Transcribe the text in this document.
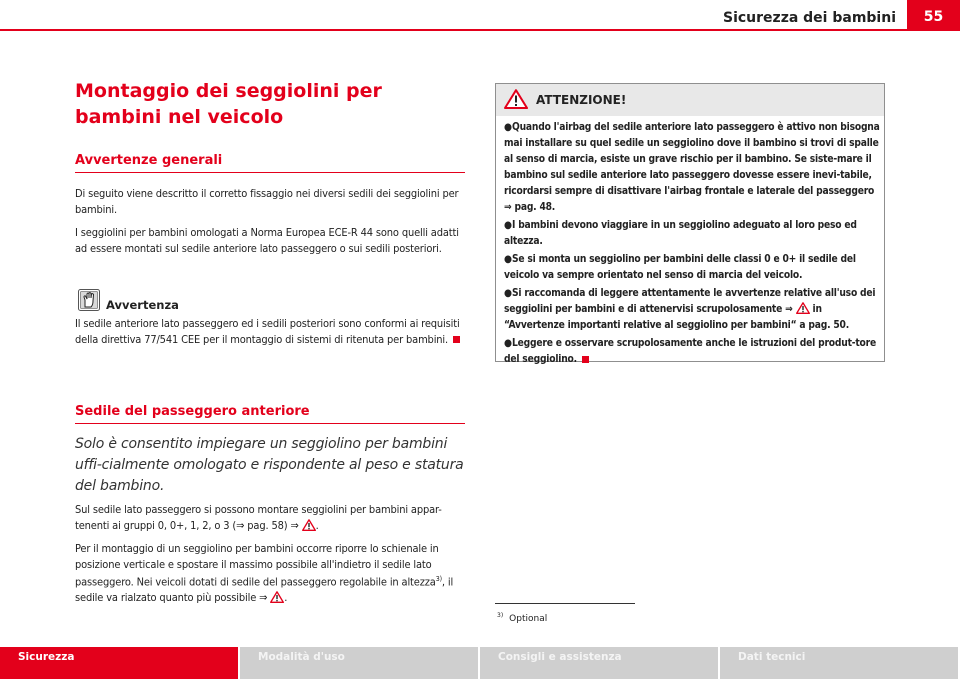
Sicurezza dei bambini	55
Montaggio dei seggiolini per bambini nel veicolo
Avvertenze generali

Di seguito viene descritto il corretto fissaggio nei diversi sedili dei seggiolini per bambini.

I seggiolini per bambini omologati a Norma Europea ECE-R 44 sono quelli adatti ad essere montati sul sedile anteriore lato passeggero o sui sedili posteriori.

Avvertenza

Il sedile anteriore lato passeggero ed i sedili posteriori sono conformi ai requisiti della direttiva 77/541 CEE per il montaggio di sistemi di ritenuta per bambini.

Sedile del passeggero anteriore

Solo è consentito impiegare un seggiolino per bambini uffi-cialmente omologato e rispondente al peso e statura del bambino.

Sul sedile lato passeggero si possono montare seggiolini per bambini appar-tenenti ai gruppi 0, 0+, 1, 2, o 3 (⇒ pag. 58) ⇒ .

Per il montaggio di un seggiolino per bambini occorre riporre lo schienale in posizione verticale e spostare il massimo possibile all'indietro il sedile lato passeggero. Nei veicoli dotati di sedile del passeggero regolabile in altezza$^{3)}$, il sedile va rialzato quanto più possibile ⇒ .

ATTENZIONE!
●Quando l'airbag del sedile anteriore lato passeggero è attivo non bisogna mai installare su quel sedile un seggiolino dove il bambino si trovi di spalle al senso di marcia, esiste un grave rischio per il bambino. Se siste-mare il bambino sul sedile anteriore lato passeggero dovesse essere inevi-tabile, ricordarsi sempre di disattivare l'airbag frontale e laterale del passeggero ⇒ pag. 48.
●I bambini devono viaggiare in un seggiolino adeguato al loro peso ed altezza.
●Se si monta un seggiolino per bambini delle classi 0 e 0+ il sedile del veicolo va sempre orientato nel senso di marcia del veicolo.
●Si raccomanda di leggere attentamente le avvertenze relative all'uso dei seggiolini per bambini e di attenervisi scrupolosamente ⇒  in “Avvertenze importanti relative al seggiolino per bambini“ a pag. 50.
●Leggere e osservare scrupolosamente anche le istruzioni del produt-tore del seggiolino.
$^{3)}$ Optional
Sicurezza	Modalità d'uso	Consigli e assistenza	Dati tecnici
